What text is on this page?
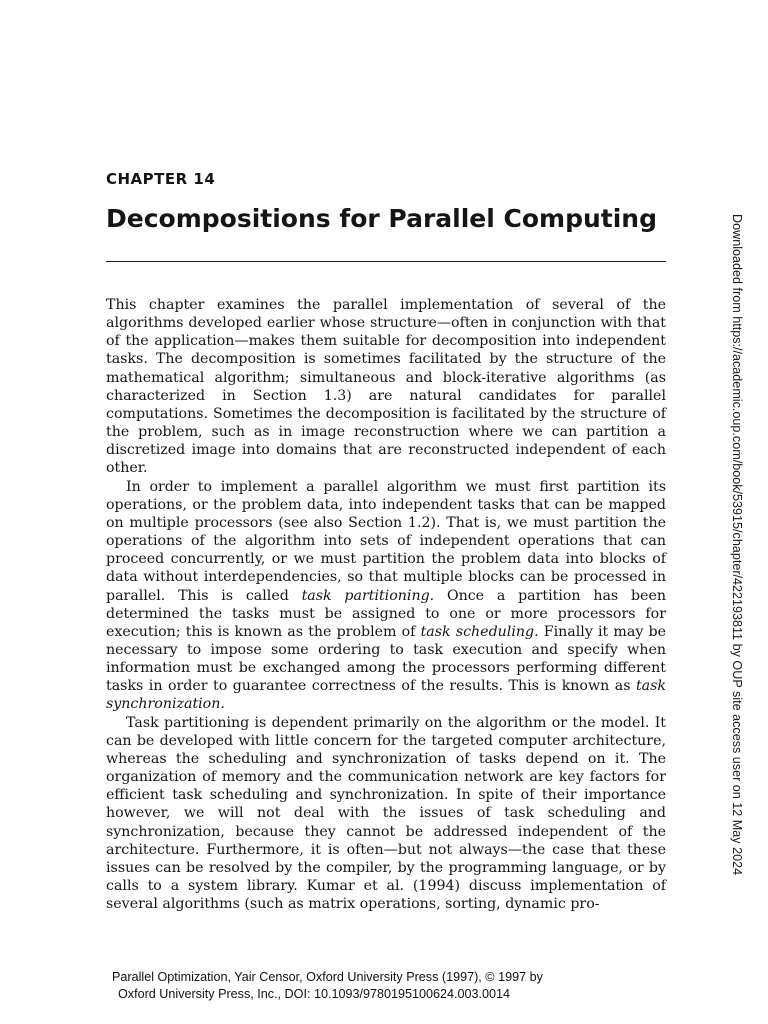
CHAPTER 14
Decompositions for Parallel Computing

This chapter examines the parallel implementation of several of the algorithms developed earlier whose structure—often in conjunction with that of the application—makes them suitable for decomposition into independent tasks. The decomposition is sometimes facilitated by the structure of the mathematical algorithm; simultaneous and block-iterative algorithms (as characterized in Section 1.3) are natural candidates for parallel computations. Sometimes the decomposition is facilitated by the structure of the problem, such as in image reconstruction where we can partition a discretized image into domains that are reconstructed independent of each other.

In order to implement a parallel algorithm we must first partition its operations, or the problem data, into independent tasks that can be mapped on multiple processors (see also Section 1.2). That is, we must partition the operations of the algorithm into sets of independent operations that can proceed concurrently, or we must partition the problem data into blocks of data without interdependencies, so that multiple blocks can be processed in parallel. This is called task partitioning. Once a partition has been determined the tasks must be assigned to one or more processors for execution; this is known as the problem of task scheduling. Finally it may be necessary to impose some ordering to task execution and specify when information must be exchanged among the processors performing different tasks in order to guarantee correctness of the results. This is known as task synchronization.

Task partitioning is dependent primarily on the algorithm or the model. It can be developed with little concern for the targeted computer architecture, whereas the scheduling and synchronization of tasks depend on it. The organization of memory and the communication network are key factors for efficient task scheduling and synchronization. In spite of their importance however, we will not deal with the issues of task scheduling and synchronization, because they cannot be addressed independent of the architecture. Furthermore, it is often—but not always—the case that these issues can be resolved by the compiler, by the programming language, or by calls to a system library. Kumar et al. (1994) discuss implementation of several algorithms (such as matrix operations, sorting, dynamic pro-

Downloaded from https://academic.oup.com/book/53915/chapter/422193811 by OUP site access user on 12 May 2024
Parallel Optimization, Yair Censor, Oxford University Press (1997), © 1997 by
Oxford University Press, Inc., DOI: 10.1093/9780195100624.003.0014
